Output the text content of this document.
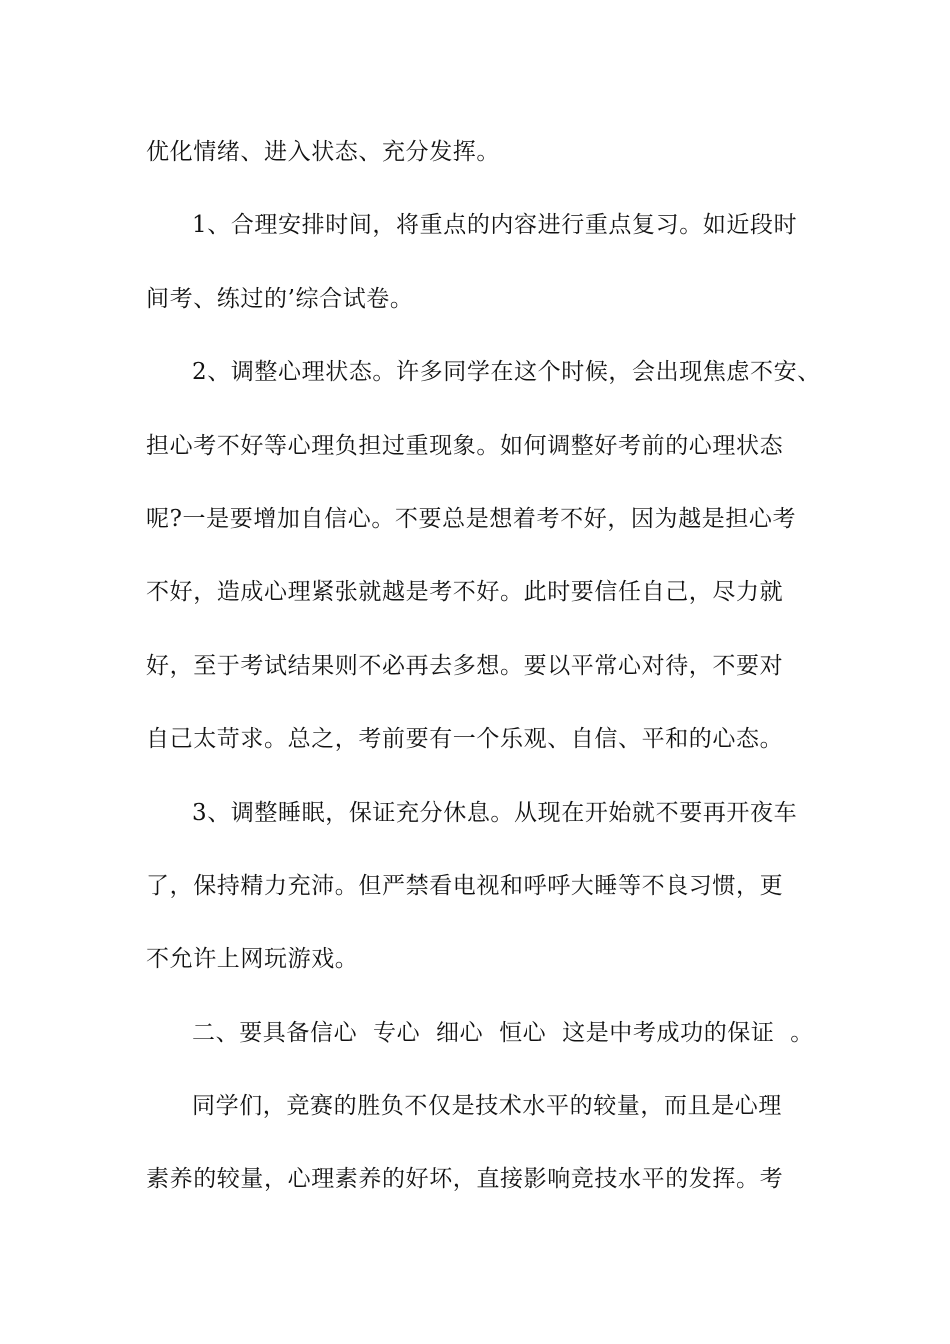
优化情绪、进入状态、充分发挥。
1、合理安排时间，将重点的内容进行重点复习。如近段时
间考、练过的’综合试卷。
2、调整心理状态。许多同学在这个时候，会出现焦虑不安、
担心考不好等心理负担过重现象。如何调整好考前的心理状态
呢?一是要增加自信心。不要总是想着考不好，因为越是担心考
不好，造成心理紧张就越是考不好。此时要信任自己，尽力就
好，至于考试结果则不必再去多想。要以平常心对待，不要对
自己太苛求。总之，考前要有一个乐观、自信、平和的心态。
3、调整睡眠，保证充分休息。从现在开始就不要再开夜车
了，保持精力充沛。但严禁看电视和呼呼大睡等不良习惯，更
不允许上网玩游戏。
二、要具备信心  专心  细心  恒心  这是中考成功的保证  。
同学们，竞赛的胜负不仅是技术水平的较量，而且是心理
素养的较量，心理素养的好坏，直接影响竞技水平的发挥。考
